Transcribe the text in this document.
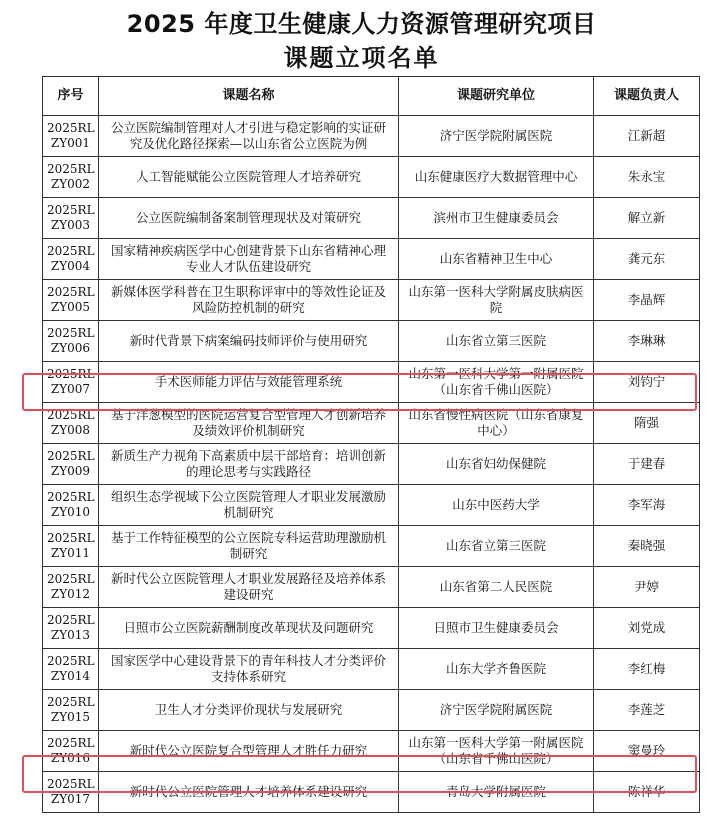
2025 年度卫生健康人力资源管理研究项目
课题立项名单
序号	课题名称	课题研究单位	课题负责人
2025RL ZY001	公立医院编制管理对人才引进与稳定影响的实证研究及优化路径探索—以山东省公立医院为例	济宁医学院附属医院	江新超
2025RL ZY002	人工智能赋能公立医院管理人才培养研究	山东健康医疗大数据管理中心	朱永宝
2025RL ZY003	公立医院编制备案制管理现状及对策研究	滨州市卫生健康委员会	解立新
2025RL ZY004	国家精神疾病医学中心创建背景下山东省精神心理专业人才队伍建设研究	山东省精神卫生中心	龚元东
2025RL ZY005	新媒体医学科普在卫生职称评审中的等效性论证及风险防控机制的研究	山东第一医科大学附属皮肤病医院	李晶辉
2025RL ZY006	新时代背景下病案编码技师评价与使用研究	山东省立第三医院	李琳琳
2025RL ZY007	手术医师能力评估与效能管理系统	山东第一医科大学第一附属医院（山东省千佛山医院）	刘钧宁
2025RL ZY008	基于洋葱模型的医院运营复合型管理人才创新培养及绩效评价机制研究	山东省慢性病医院（山东省康复中心）	隋强
2025RL ZY009	新质生产力视角下高素质中层干部培育：培训创新的理论思考与实践路径	山东省妇幼保健院	于建春
2025RL ZY010	组织生态学视域下公立医院管理人才职业发展激励机制研究	山东中医药大学	李军海
2025RL ZY011	基于工作特征模型的公立医院专科运营助理激励机制研究	山东省立第三医院	秦晓强
2025RL ZY012	新时代公立医院管理人才职业发展路径及培养体系建设研究	山东省第二人民医院	尹婷
2025RL ZY013	日照市公立医院薪酬制度改革现状及问题研究	日照市卫生健康委员会	刘党成
2025RL ZY014	国家医学中心建设背景下的青年科技人才分类评价支持体系研究	山东大学齐鲁医院	李红梅
2025RL ZY015	卫生人才分类评价现状与发展研究	济宁医学院附属医院	李莲芝
2025RL ZY016	新时代公立医院复合型管理人才胜任力研究	山东第一医科大学第一附属医院（山东省千佛山医院）	窦曼玲
2025RL ZY017	新时代公立医院管理人才培养体系建设研究	青岛大学附属医院	陈祥华
